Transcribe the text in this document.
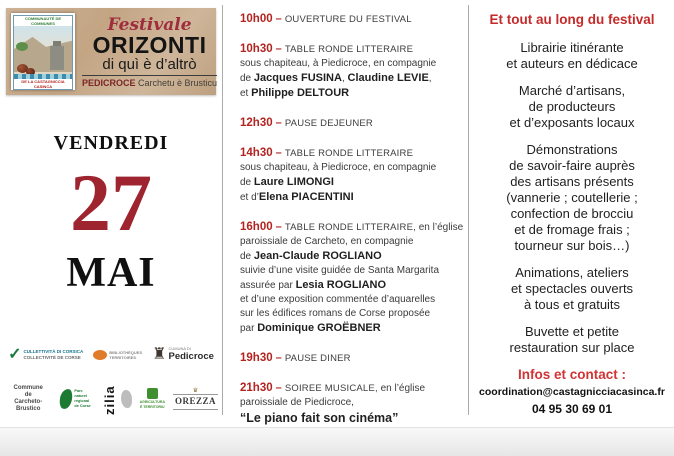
COMMUNAUTÉ DE COMMUNES
DE LA CASTAGNICCIA CASINCA
Festivale
ORIZONTI
di quì è d’altrò
PEDICROCE Carchetu è Brusticu
VENDREDI
27
MAI
✓ CULLETTIVITÀ DI CORSICA
COLLECTIVITÉ DE CORSE
BIBLIOTHÈQUES
TERRITOIRES	♜ CUMUNA DI
Pedicroce
Commune
de
Carcheto-Brustico
Parc naturel
régional
de Corse zilia	AGRICULTURA
È TERRITORIU
♛
OREZZA
10h00 – OUVERTURE DU FESTIVAL
10h30 – TABLE RONDE LITTERAIRE
sous chapiteau, à Piedicroce, en compagnie
de Jacques FUSINA, Claudine LEVIE,
et Philippe DELTOUR
12h30 – PAUSE DEJEUNER
14h30 – TABLE RONDE LITTERAIRE
sous chapiteau, à Piedicroce, en compagnie
de Laure LIMONGI
et d’Elena PIACENTINI
16h00 – TABLE RONDE LITTERAIRE, en l’église
paroissiale de Carcheto, en compagnie
de Jean-Claude ROGLIANO
suivie d’une visite guidée de Santa Margarita
assurée par Lesia ROGLIANO
et d’une exposition commentée d’aquarelles
sur les édifices romans de Corse proposée
par Dominique GROËBNER
19h30 – PAUSE DINER
21h30 – SOIREE MUSICALE, en l’église
paroissiale de Piedicroce,
“Le piano fait son cinéma”
Et tout au long du festival
Librairie itinérante
et auteurs en dédicace
Marché d’artisans,
de producteurs
et d’exposants locaux
Démonstrations
de savoir-faire auprès
des artisans présents
(vannerie ; coutellerie ;
confection de brocciu
et de fromage frais ;
tourneur sur bois…)
Animations, ateliers
et spectacles ouverts
à tous et gratuits
Buvette et petite
restauration sur place
Infos et contact :
coordination@castagnicciacasinca.fr
04 95 30 69 01
